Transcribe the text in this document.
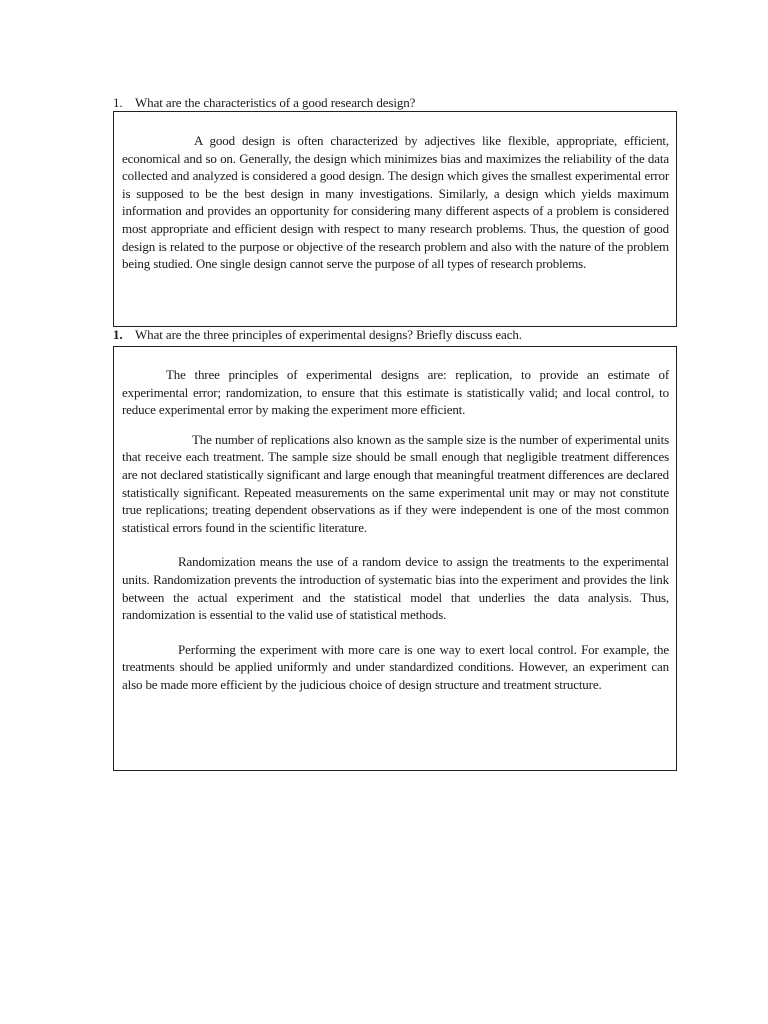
1. What are the characteristics of a good research design?

A good design is often characterized by adjectives like flexible, appropriate, efficient, economical and so on. Generally, the design which minimizes bias and maximizes the reliability of the data collected and analyzed is considered a good design. The design which gives the smallest experimental error is supposed to be the best design in many investigations. Similarly, a design which yields maximum information and provides an opportunity for considering many different aspects of a problem is considered most appropriate and efficient design with respect to many research problems. Thus, the question of good design is related to the purpose or objective of the research problem and also with the nature of the problem being studied. One single design cannot serve the purpose of all types of research problems.

1. What are the three principles of experimental designs? Briefly discuss each.

The three principles of experimental designs are: replication, to provide an estimate of experimental error; randomization, to ensure that this estimate is statistically valid; and local control, to reduce experimental error by making the experiment more efficient.

The number of replications also known as the sample size is the number of experimental units that receive each treatment. The sample size should be small enough that negligible treatment differences are not declared statistically significant and large enough that meaningful treatment differences are declared statistically significant. Repeated measurements on the same experimental unit may or may not constitute true replications; treating dependent observations as if they were independent is one of the most common statistical errors found in the scientific literature.

Randomization means the use of a random device to assign the treatments to the experimental units. Randomization prevents the introduction of systematic bias into the experiment and provides the link between the actual experiment and the statistical model that underlies the data analysis. Thus, randomization is essential to the valid use of statistical methods.

Performing the experiment with more care is one way to exert local control. For example, the treatments should be applied uniformly and under standardized conditions. However, an experiment can also be made more efficient by the judicious choice of design structure and treatment structure.
